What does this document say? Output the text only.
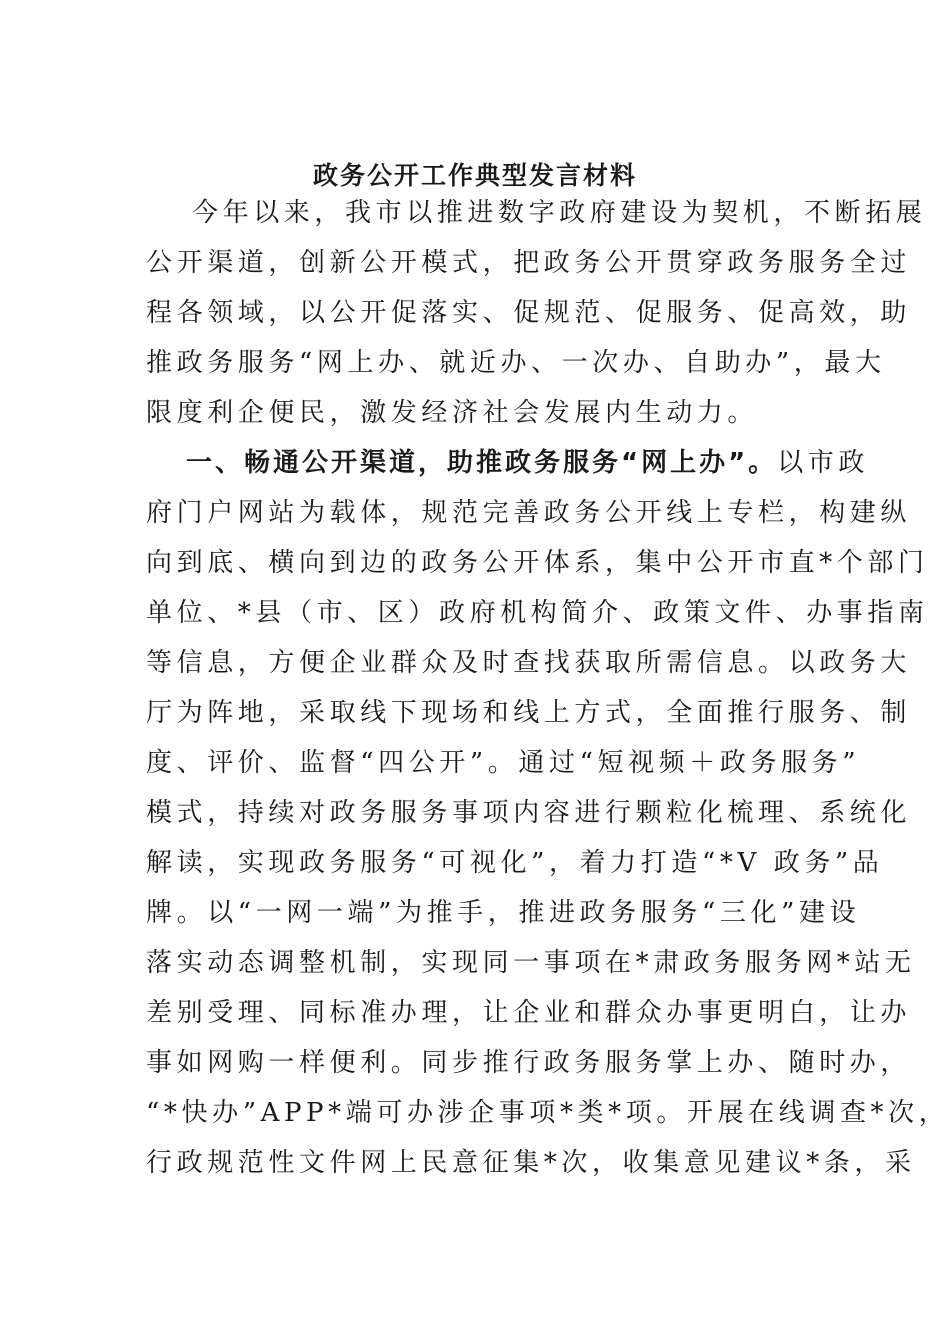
政务公开工作典型发言材料
今年以来，我市以推进数字政府建设为契机，不断拓展
公开渠道，创新公开模式，把政务公开贯穿政务服务全过
程各领域，以公开促落实、促规范、促服务、促高效，助
推政务服务“网上办、就近办、一次办、自助办”，最大
限度利企便民，激发经济社会发展内生动力。
一、畅通公开渠道，助推政务服务“网上办”。以市政
府门户网站为载体，规范完善政务公开线上专栏，构建纵
向到底、横向到边的政务公开体系，集中公开市直*个部门
单位、*县（市、区）政府机构简介、政策文件、办事指南
等信息，方便企业群众及时查找获取所需信息。以政务大
厅为阵地，采取线下现场和线上方式，全面推行服务、制
度、评价、监督“四公开”。通过“短视频＋政务服务”
模式，持续对政务服务事项内容进行颗粒化梳理、系统化
解读，实现政务服务“可视化”，着力打造“*V 政务”品
牌。以“一网一端”为推手，推进政务服务“三化”建设
落实动态调整机制，实现同一事项在*肃政务服务网*站无
差别受理、同标准办理，让企业和群众办事更明白，让办
事如网购一样便利。同步推行政务服务掌上办、随时办，
“*快办”APP*端可办涉企事项*类*项。开展在线调查*次，
行政规范性文件网上民意征集*次，收集意见建议*条，采
